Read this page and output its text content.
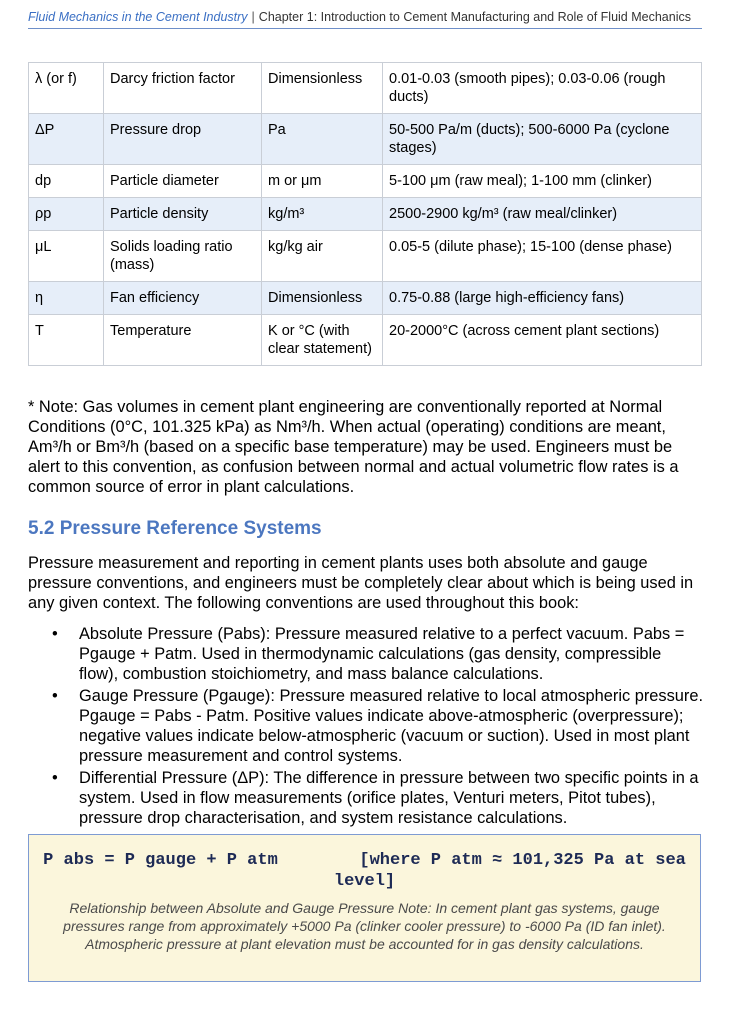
Fluid Mechanics in the Cement Industry | Chapter 1: Introduction to Cement Manufacturing and Role of Fluid Mechanics
λ (or f)	Darcy friction factor	Dimensionless	0.01-0.03 (smooth pipes); 0.03-0.06 (rough ducts)
ΔP	Pressure drop	Pa	50-500 Pa/m (ducts); 500-6000 Pa (cyclone stages)
dp	Particle diameter	m or μm	5-100 μm (raw meal); 1-100 mm (clinker)
ρp	Particle density	kg/m³	2500-2900 kg/m³ (raw meal/clinker)
μL	Solids loading ratio (mass)	kg/kg air	0.05-5 (dilute phase); 15-100 (dense phase)
η	Fan efficiency	Dimensionless	0.75-0.88 (large high-efficiency fans)
T	Temperature	K or °C (with clear statement)	20-2000°C (across cement plant sections)

* Note: Gas volumes in cement plant engineering are conventionally reported at Normal Conditions (0°C, 101.325 kPa) as Nm³/h. When actual (operating) conditions are meant, Am³/h or Bm³/h (based on a specific base temperature) may be used. Engineers must be alert to this convention, as confusion between normal and actual volumetric flow rates is a common source of error in plant calculations.

5.2 Pressure Reference Systems

Pressure measurement and reporting in cement plants uses both absolute and gauge pressure conventions, and engineers must be completely clear about which is being used in any given context. The following conventions are used throughout this book:

• Absolute Pressure (Pabs): Pressure measured relative to a perfect vacuum. Pabs = Pgauge + Patm. Used in thermodynamic calculations (gas density, compressible flow), combustion stoichiometry, and mass balance calculations.
• Gauge Pressure (Pgauge): Pressure measured relative to local atmospheric pressure. Pgauge = Pabs - Patm. Positive values indicate above-atmospheric (overpressure); negative values indicate below-atmospheric (vacuum or suction). Used in most plant pressure measurement and control systems.
• Differential Pressure (ΔP): The difference in pressure between two specific points in a system. Used in flow measurements (orifice plates, Venturi meters, Pitot tubes), pressure drop characterisation, and system resistance calculations.
P abs = P gauge + P atm        [where P atm ≈ 101,325 Pa at sea level]
Relationship between Absolute and Gauge Pressure Note: In cement plant gas systems, gauge pressures range from approximately +5000 Pa (clinker cooler pressure) to -6000 Pa (ID fan inlet). Atmospheric pressure at plant elevation must be accounted for in gas density calculations.
